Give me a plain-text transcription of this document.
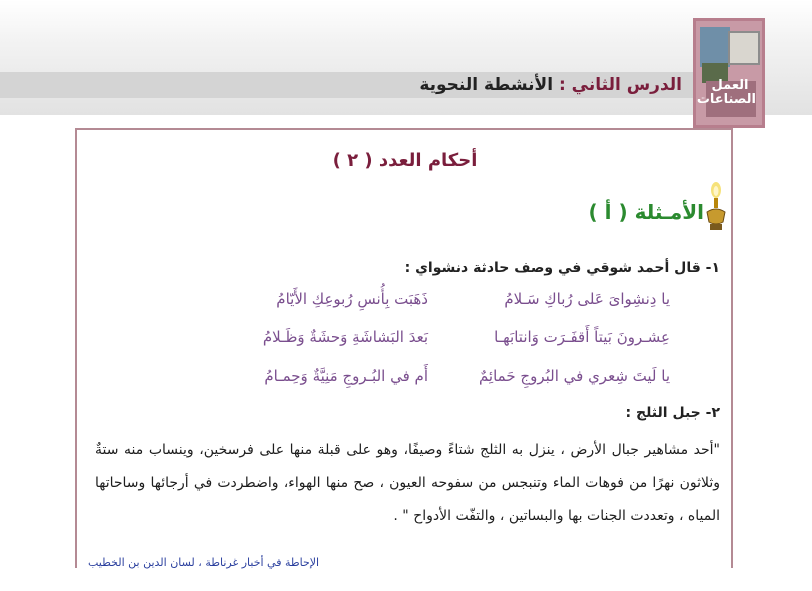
الدرس الثاني : الأنشطة النحوية	العمل الصناعات
أحكام العدد ( ٢ )
الأمـثلة ( أ )
١- قال أحمد شوقي في وصف حادثة دنشواي :
يا دِنشِواىَ عَلى رُباكِ سَـلامُ
ذَهَبَت بِأُنسِ رُبوعِكِ الأَيّامُ
عِشـرونَ بَيتاً أَقفَـرَت وَانتابَهـا
بَعدَ البَشاشَةِ وَحشَةٌ وَظَـلامُ
يا لَيتَ شِعري في البُروجِ حَمائِمٌ
أَم في البُـروجِ مَنِيَّةٌ وَحِمـامُ
٢- جبل الثلج :
"أحد مشاهير جبال الأرض ، ينزل به الثلج شتاءً وصيفًا، وهو على قبلة منها على فرسخين، وينساب منه ستةٌ وثلاثون نهرًا من فوهات الماء وتنبجس من سفوحه العيون ، صح منها الهواء، واضطردت في أرجائها وساحاتها المياه ، وتعددت الجنات بها والبساتين ، والتفّت الأدواح " .
الإحاطة في أخبار غرناطة ، لسان الدين بن الخطيب
